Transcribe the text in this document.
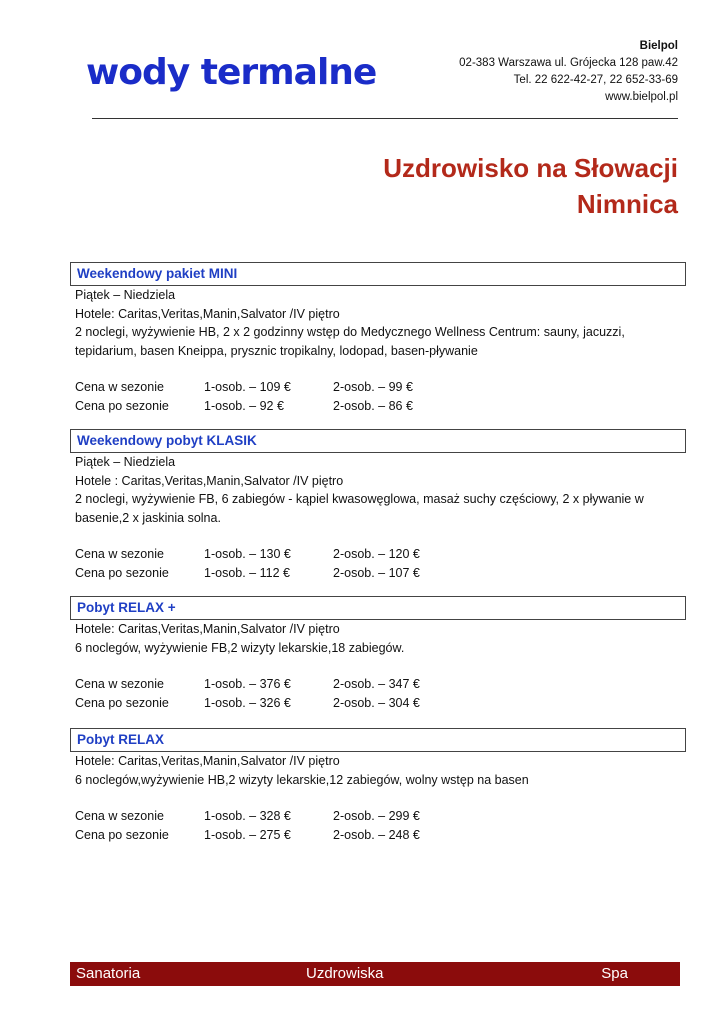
wody termalne
Bielpol
02-383 Warszawa ul. Grójecka 128 paw.42
Tel. 22 622-42-27, 22 652-33-69
www.bielpol.pl
Uzdrowisko na Słowacji
Nimnica
Weekendowy pakiet MINI
Piątek – Niedziela
Hotele: Caritas,Veritas,Manin,Salvator /IV piętro
2 noclegi, wyżywienie HB, 2 x 2 godzinny wstęp do Medycznego Wellness Centrum: sauny, jacuzzi, tepidarium, basen Kneippa, prysznic tropikalny, lodopad, basen-pływanie
Cena w sezonie	1-osob. – 109 €	2-osob. – 99 €
Cena po sezonie	1-osob. – 92 €	2-osob. – 86 €
Weekendowy pobyt KLASIK
Piątek – Niedziela
Hotele : Caritas,Veritas,Manin,Salvator /IV piętro
2 noclegi, wyżywienie FB, 6 zabiegów - kąpiel kwasowęglowa, masaż suchy częściowy, 2 x pływanie w basenie,2 x jaskinia solna.
Cena w sezonie	1-osob. – 130 €	2-osob. – 120 €
Cena po sezonie	1-osob. – 112 €	2-osob. – 107 €
Pobyt RELAX +
Hotele: Caritas,Veritas,Manin,Salvator /IV piętro
6 noclegów, wyżywienie FB,2 wizyty lekarskie,18 zabiegów.
Cena w sezonie	1-osob. – 376 €	2-osob. – 347 €
Cena po sezonie	1-osob. – 326 €	2-osob. – 304 €
Pobyt RELAX
Hotele: Caritas,Veritas,Manin,Salvator /IV piętro
6 noclegów,wyżywienie HB,2 wizyty lekarskie,12 zabiegów, wolny wstęp na basen
Cena w sezonie	1-osob. – 328 €	2-osob. – 299 €
Cena po sezonie	1-osob. – 275 €	2-osob. – 248 €
Sanatoria	Uzdrowiska	Spa
